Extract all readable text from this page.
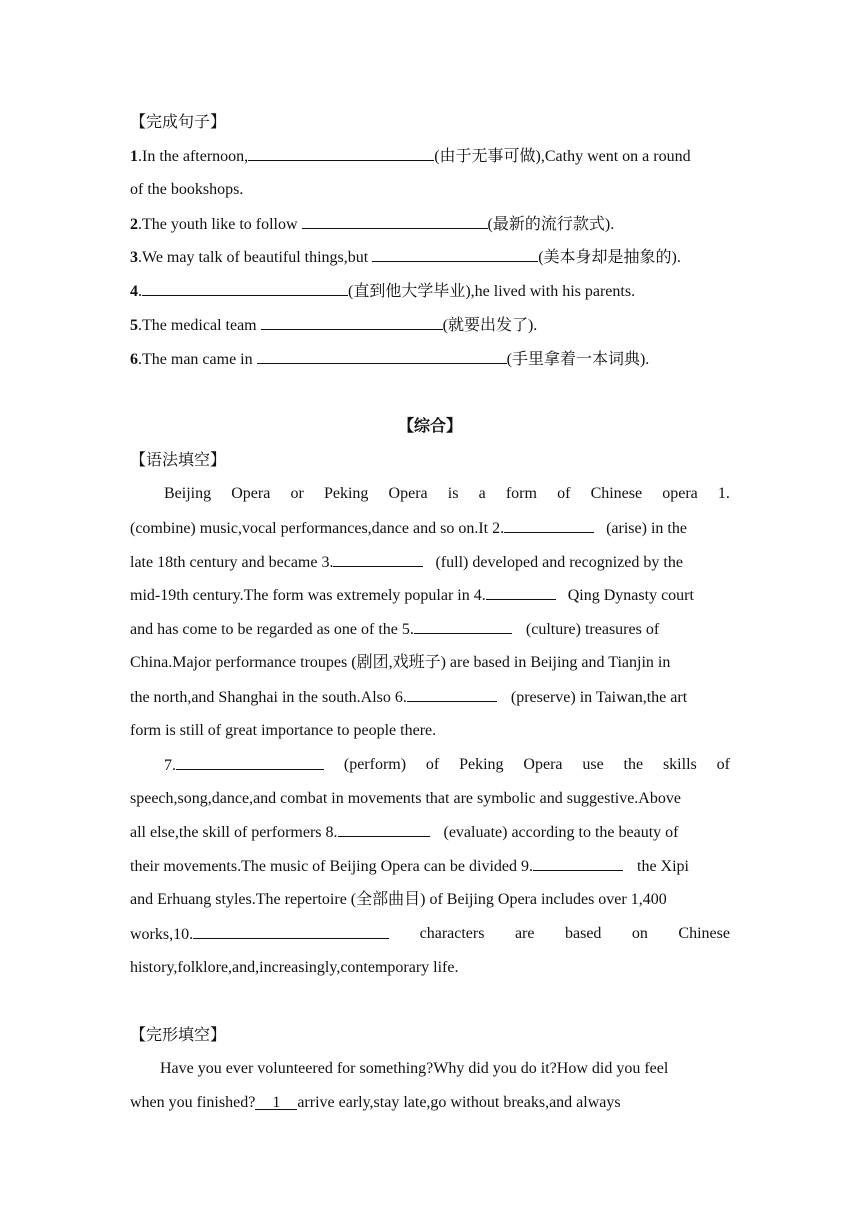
【完成句子】
1.In the afternoon,	(由于无事可做),Cathy went on a round
of the bookshops.
2.The youth like to follow	(最新的流行款式).
3.We may talk of beautiful things,but	(美本身却是抽象的).
4.	(直到他大学毕业),he lived with his parents.
5.The medical team	(就要出发了).
6.The man came in	(手里拿着一本词典).
【综合】
【语法填空】
Beijing Opera or Peking Opera is a form of Chinese opera 1.
(combine) music,vocal performances,dance and so on.It 2.	(arise) in the
late 18th century and became 3.	(full) developed and recognized by the
mid-19th century.The form was extremely popular in 4.	Qing Dynasty court
and has come to be regarded as one of the 5.	(culture) treasures of
China.Major performance troupes (剧团,戏班子) are based in Beijing and Tianjin in
the north,and Shanghai in the south.Also 6.	(preserve) in Taiwan,the art
form is still of great importance to people there.
7.	(perform) of Peking Opera use the skills of
speech,song,dance,and combat in movements that are symbolic and suggestive.Above
all else,the skill of performers 8.	(evaluate) according to the beauty of
their movements.The music of Beijing Opera can be divided 9.	the Xipi
and Erhuang styles.The repertoire (全部曲目) of Beijing Opera includes over 1,400
works,10.	characters are based on Chinese
history,folklore,and,increasingly,contemporary life.
【完形填空】
Have you ever volunteered for something?Why did you do it?How did you feel
when you finished? 1 arrive early,stay late,go without breaks,and always
